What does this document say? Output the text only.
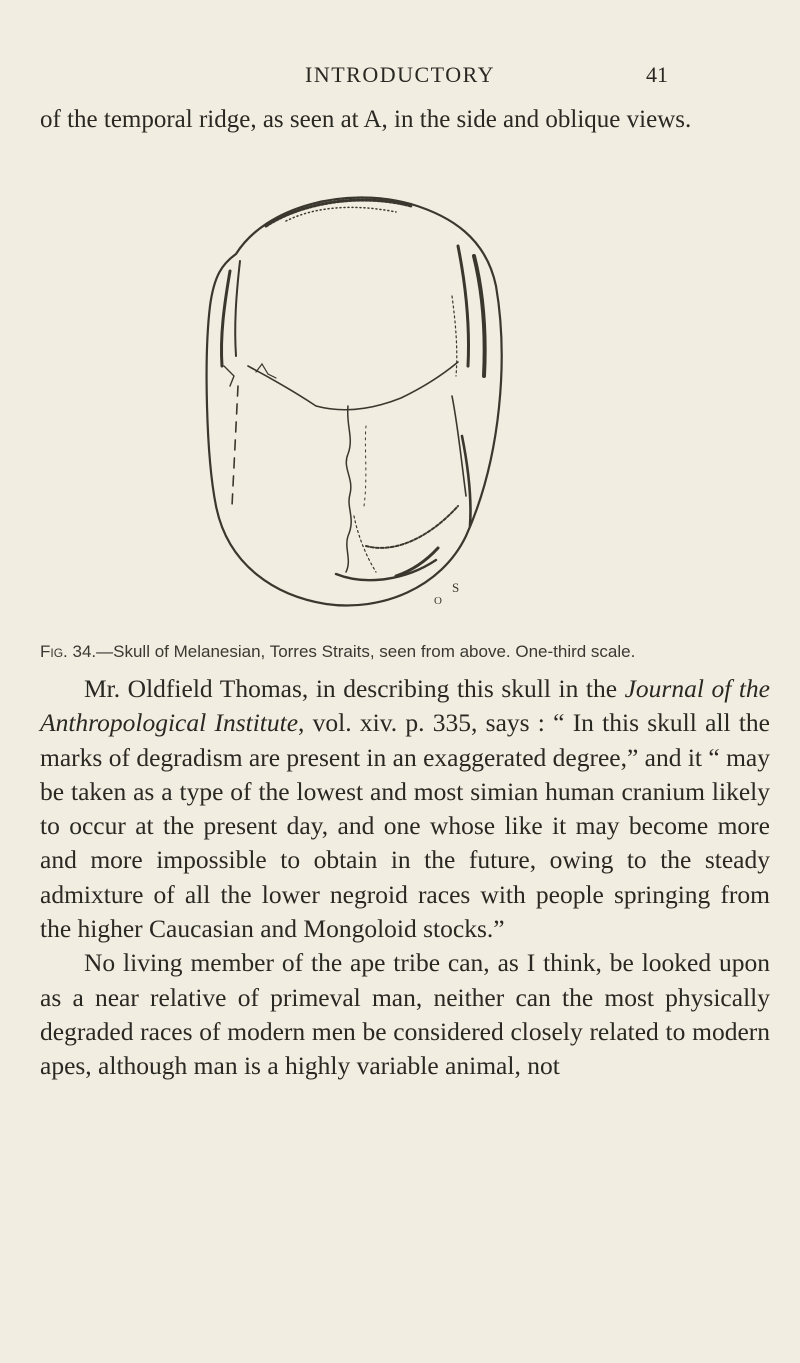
INTRODUCTORY	41

of the temporal ridge, as seen at A, in the side and oblique views.

S
O
Fig. 34.—Skull of Melanesian, Torres Straits, seen from above. One-third scale.

Mr. Oldfield Thomas, in describing this skull in the Journal of the Anthropological Institute, vol. xiv. p. 335, says : “ In this skull all the marks of degradism are present in an exaggerated degree,” and it “ may be taken as a type of the lowest and most simian human cranium likely to occur at the present day, and one whose like it may become more and more impossible to obtain in the future, owing to the steady admixture of all the lower negroid races with people springing from the higher Caucasian and Mongoloid stocks.”

No living member of the ape tribe can, as I think, be looked upon as a near relative of primeval man, neither can the most physically degraded races of modern men be considered closely related to modern apes, although man is a highly variable animal, not
